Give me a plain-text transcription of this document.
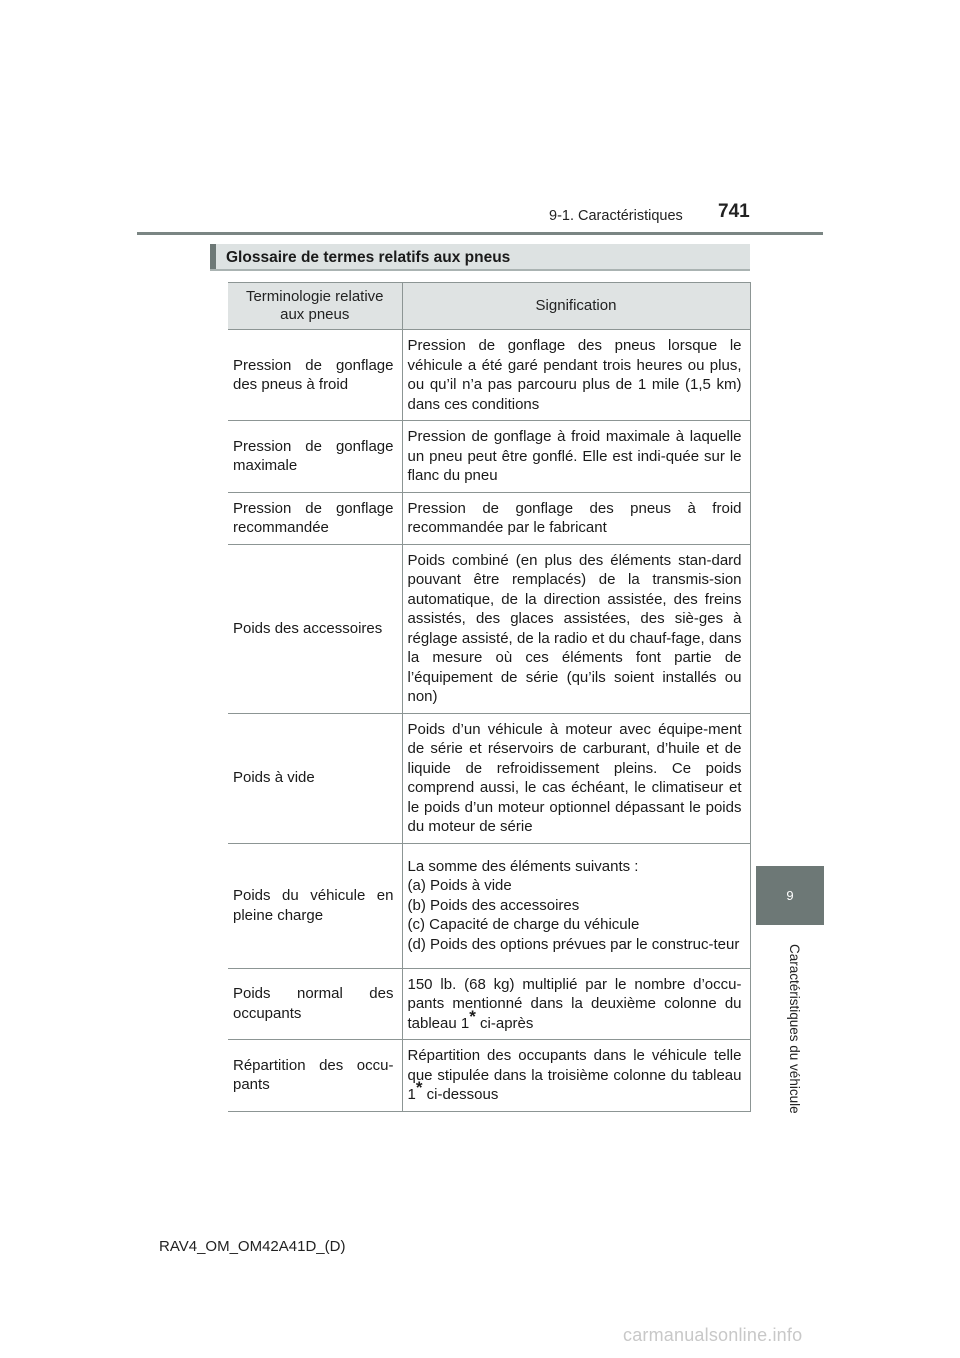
9-1. Caractéristiques 741
9
Caractéristiques du véhicule
Glossaire de termes relatifs aux pneus
Terminologie relative aux pneus	Signification
Pression de gonflage des pneus à froid	Pression de gonflage des pneus lorsque le véhicule a été garé pendant trois heures ou plus, ou qu’il n’a pas parcouru plus de 1 mile (1,5 km) dans ces conditions
Pression de gonflage maximale	Pression de gonflage à froid maximale à laquelle un pneu peut être gonflé. Elle est indi-quée sur le flanc du pneu
Pression de gonflage recommandée	Pression de gonflage des pneus à froid recommandée par le fabricant
Poids des accessoires	Poids combiné (en plus des éléments stan-dard pouvant être remplacés) de la transmis-sion automatique, de la direction assistée, des freins assistés, des glaces assistées, des siè-ges à réglage assisté, de la radio et du chauf-fage, dans la mesure où ces éléments font partie de l’équipement de série (qu’ils soient installés ou non)
Poids à vide	Poids d’un véhicule à moteur avec équipe-ment de série et réservoirs de carburant, d’huile et de liquide de refroidissement pleins. Ce poids comprend aussi, le cas échéant, le climatiseur et le poids d’un moteur optionnel dépassant le poids du moteur de série
Poids du véhicule en pleine charge	La somme des éléments suivants :
(a) Poids à vide
(b) Poids des accessoires
(c) Capacité de charge du véhicule
(d) Poids des options prévues par le construc-teur

Poids normal des occupants	150 lb. (68 kg) multiplié par le nombre d’occu-pants mentionné dans la deuxième colonne du tableau 1* ci-après
Répartition des occu-pants	Répartition des occupants dans le véhicule telle que stipulée dans la troisième colonne du tableau 1* ci-dessous
RAV4_OM_OM42A41D_(D)
carmanualsonline.info
